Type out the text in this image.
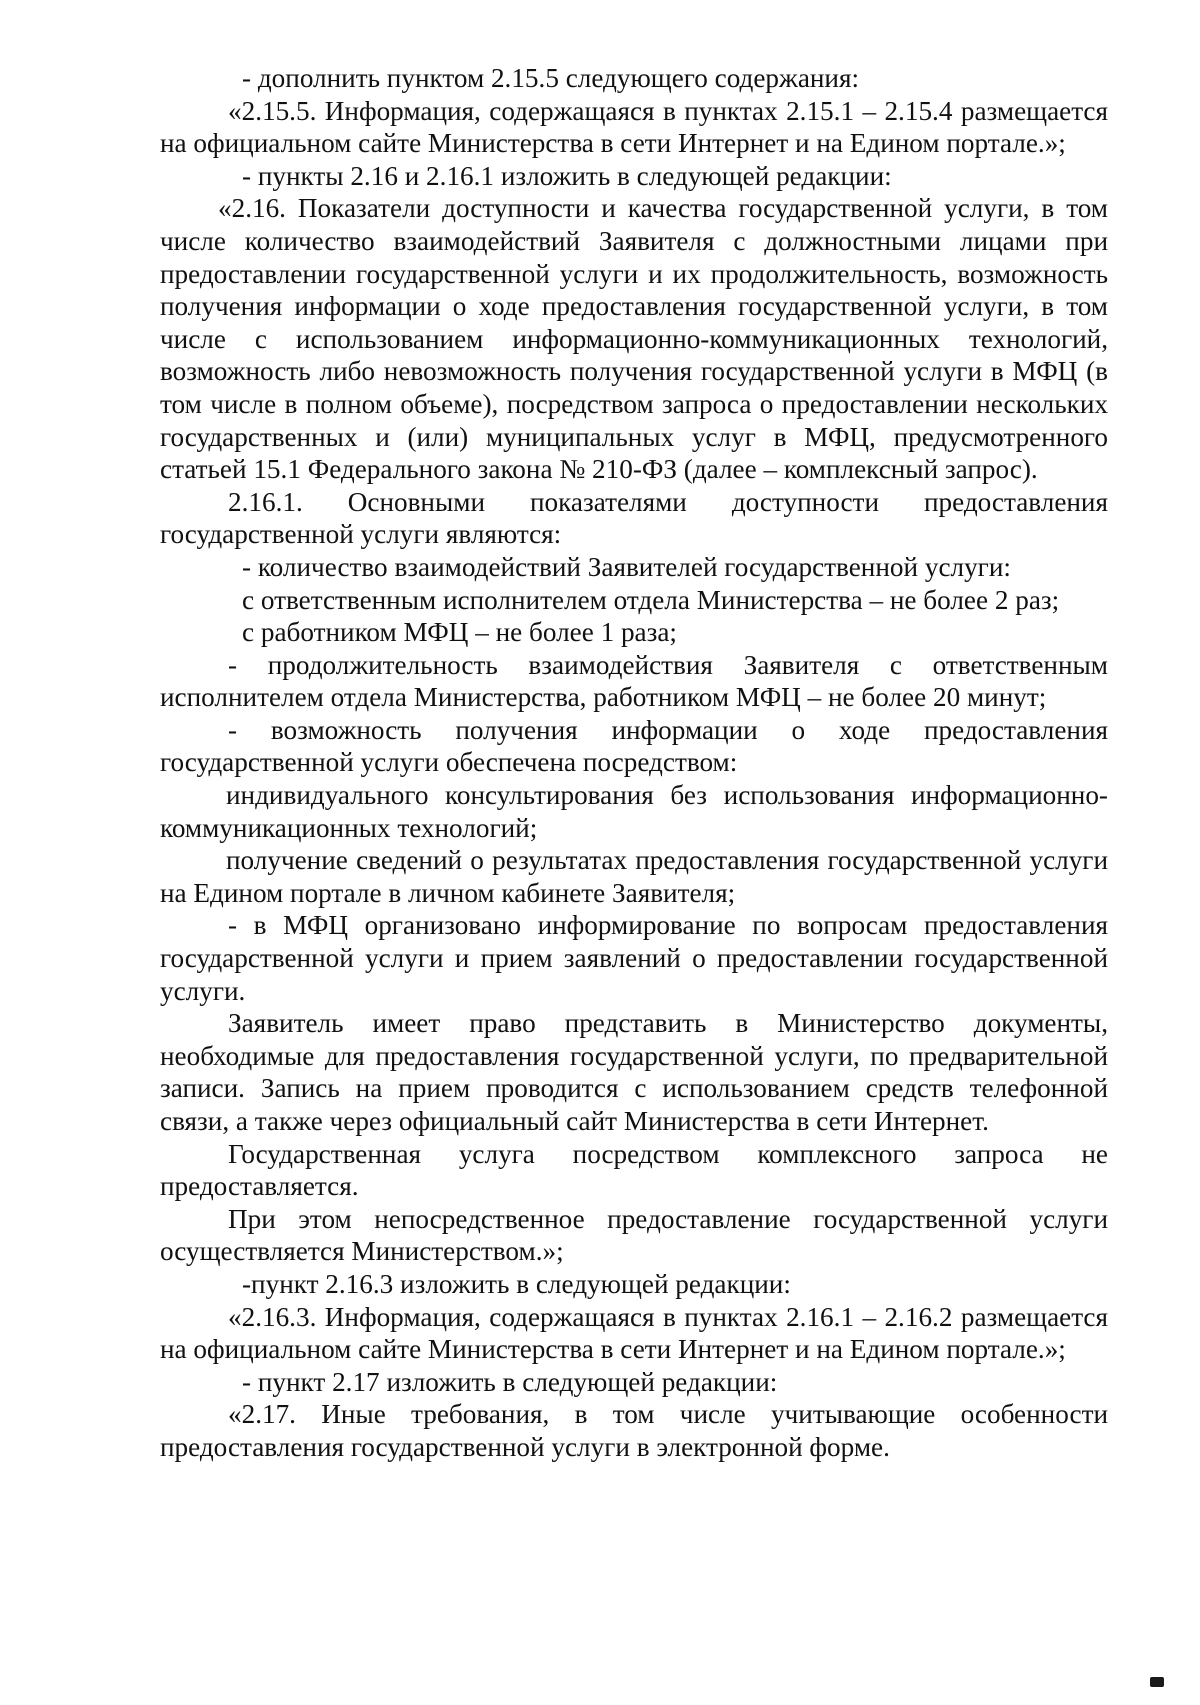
- дополнить пунктом 2.15.5 следующего содержания:

«2.15.5. Информация, содержащаяся в пунктах 2.15.1 – 2.15.4 размещается на официальном сайте Министерства в сети Интернет и на Едином портале.»;

- пункты 2.16 и 2.16.1 изложить в следующей редакции:

«2.16. Показатели доступности и качества государственной услуги, в том числе количество взаимодействий Заявителя с должностными лицами при предоставлении государственной услуги и их продолжительность, возможность получения информации о ходе предоставления государственной услуги, в том числе с использованием информационно-коммуникационных технологий, возможность либо невозможность получения государственной услуги в МФЦ (в том числе в полном объеме), посредством запроса о предоставлении нескольких государственных и (или) муниципальных услуг в МФЦ, предусмотренного статьей 15.1 Федерального закона № 210-ФЗ (далее – комплексный запрос).

2.16.1. Основными показателями доступности предоставления государственной услуги являются:

- количество взаимодействий Заявителей государственной услуги:

с ответственным исполнителем отдела Министерства – не более 2 раз;

с работником МФЦ – не более 1 раза;

- продолжительность взаимодействия Заявителя с ответственным исполнителем отдела Министерства, работником МФЦ – не более 20 минут;

- возможность получения информации о ходе предоставления государственной услуги обеспечена посредством:

индивидуального консультирования без использования информационно-коммуникационных технологий;

получение сведений о результатах предоставления государственной услуги на Едином портале в личном кабинете Заявителя;

- в МФЦ организовано информирование по вопросам предоставления государственной услуги и прием заявлений о предоставлении государственной услуги.

Заявитель имеет право представить в Министерство документы, необходимые для предоставления государственной услуги, по предварительной записи. Запись на прием проводится с использованием средств телефонной связи, а также через официальный сайт Министерства в сети Интернет.

Государственная услуга посредством комплексного запроса не предоставляется.

При этом непосредственное предоставление государственной услуги осуществляется Министерством.»;

-пункт 2.16.3 изложить в следующей редакции:

«2.16.3. Информация, содержащаяся в пунктах 2.16.1 – 2.16.2 размещается на официальном сайте Министерства в сети Интернет и на Едином портале.»;

- пункт 2.17 изложить в следующей редакции:

«2.17. Иные требования, в том числе учитывающие особенности предоставления государственной услуги в электронной форме.
